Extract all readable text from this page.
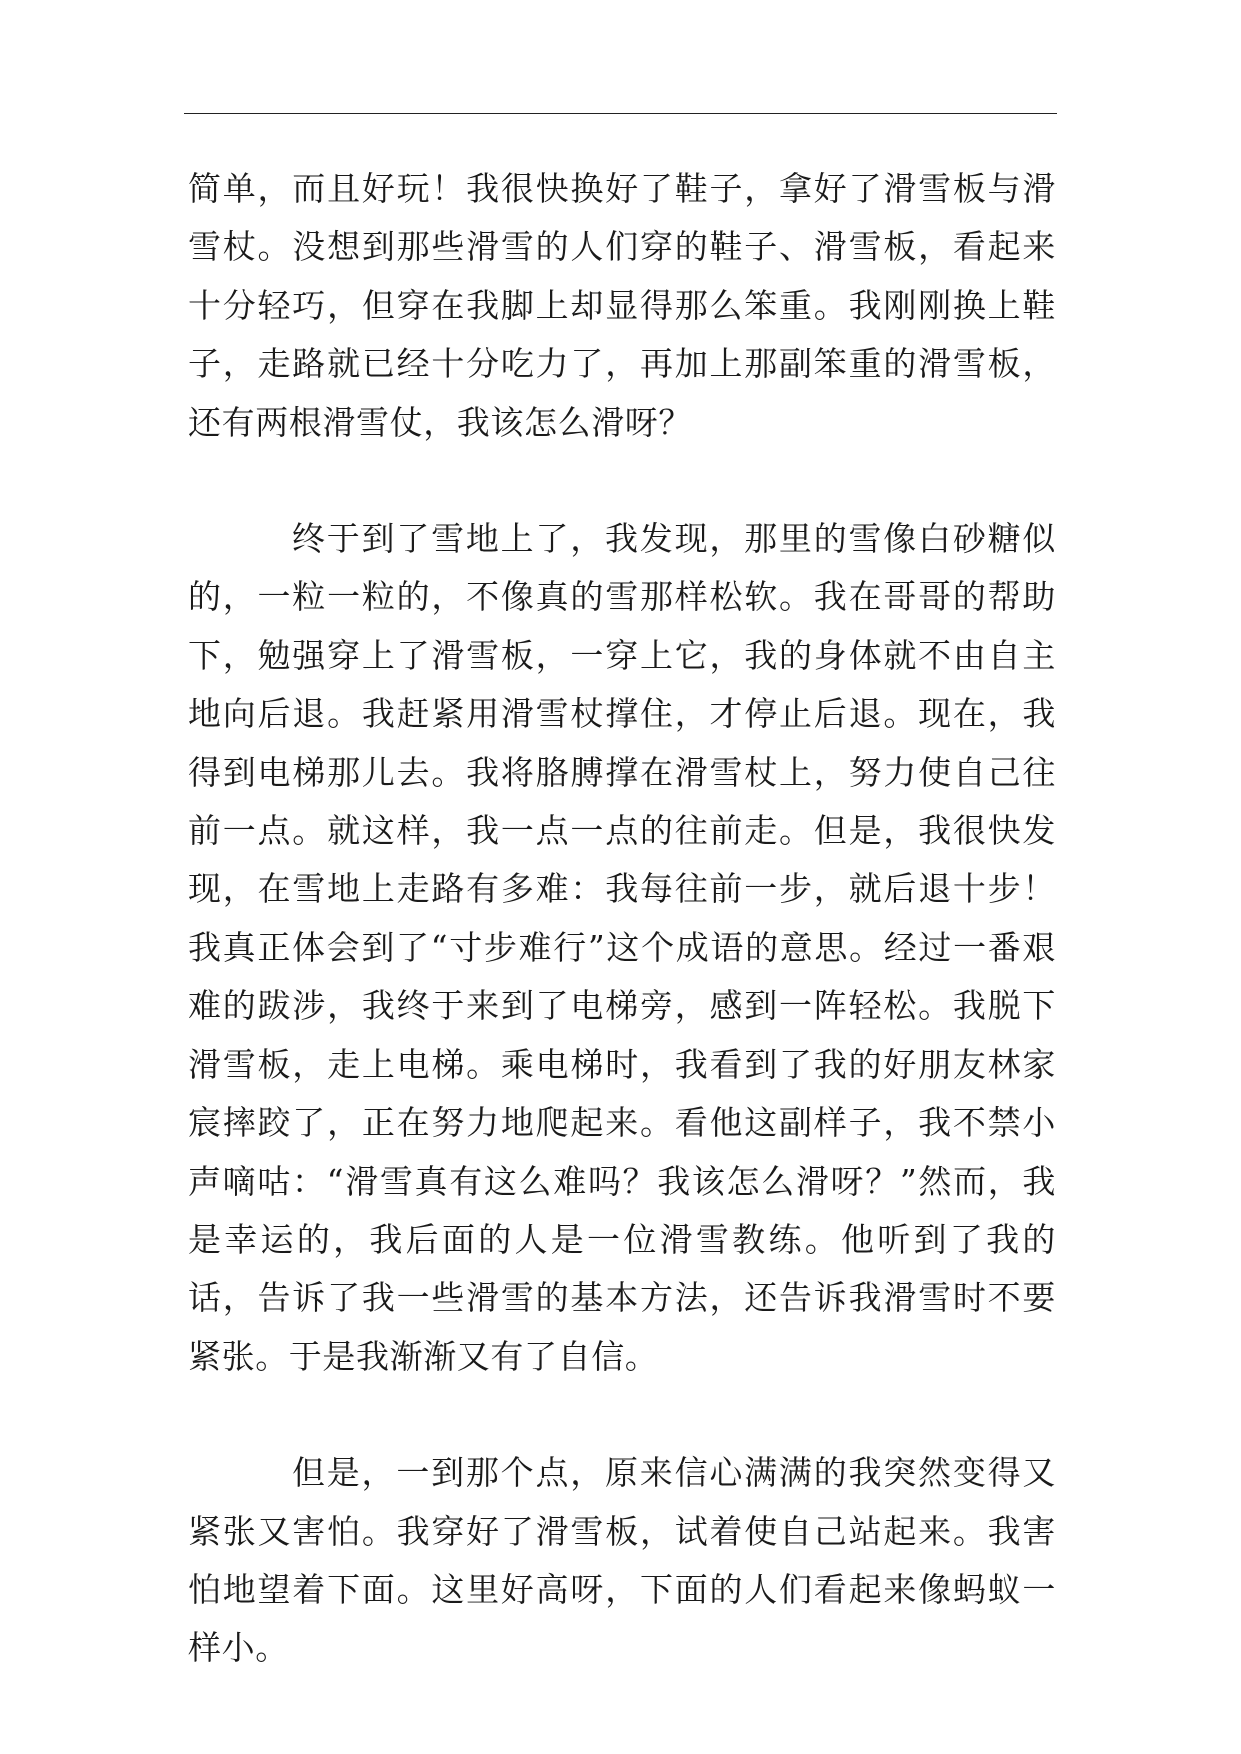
简单，而且好玩！我很快换好了鞋子，拿好了滑雪板与滑雪杖。没想到那些滑雪的人们穿的鞋子、滑雪板，看起来十分轻巧，但穿在我脚上却显得那么笨重。我刚刚换上鞋子，走路就已经十分吃力了，再加上那副笨重的滑雪板，还有两根滑雪仗，我该怎么滑呀？

终于到了雪地上了，我发现，那里的雪像白砂糖似的，一粒一粒的，不像真的雪那样松软。我在哥哥的帮助下，勉强穿上了滑雪板，一穿上它，我的身体就不由自主地向后退。我赶紧用滑雪杖撑住，才停止后退。现在，我得到电梯那儿去。我将胳膊撑在滑雪杖上，努力使自己往前一点。就这样，我一点一点的往前走。但是，我很快发现，在雪地上走路有多难：我每往前一步，就后退十步！我真正体会到了“寸步难行”这个成语的意思。经过一番艰难的跋涉，我终于来到了电梯旁，感到一阵轻松。我脱下滑雪板，走上电梯。乘电梯时，我看到了我的好朋友林家宸摔跤了，正在努力地爬起来。看他这副样子，我不禁小声嘀咕：“滑雪真有这么难吗？我该怎么滑呀？”然而，我是幸运的，我后面的人是一位滑雪教练。他听到了我的话，告诉了我一些滑雪的基本方法，还告诉我滑雪时不要紧张。于是我渐渐又有了自信。

但是，一到那个点，原来信心满满的我突然变得又紧张又害怕。我穿好了滑雪板，试着使自己站起来。我害怕地望着下面。这里好高呀，下面的人们看起来像蚂蚁一样小。
